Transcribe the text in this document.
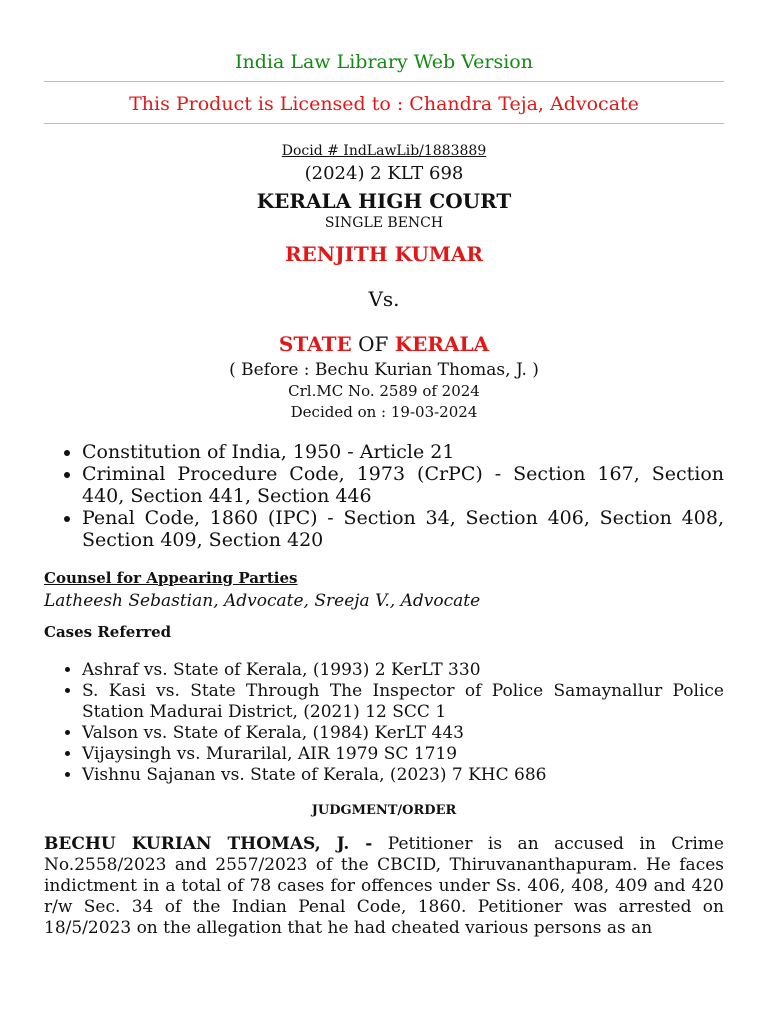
India Law Library Web Version
This Product is Licensed to : Chandra Teja, Advocate
Docid # IndLawLib/1883889
(2024) 2 KLT 698
KERALA HIGH COURT
SINGLE BENCH
RENJITH KUMAR
Vs.
STATE OF KERALA
( Before : Bechu Kurian Thomas, J. )
Crl.MC No. 2589 of 2024
Decided on : 19-03-2024
• Constitution of India, 1950 - Article 21
• Criminal Procedure Code, 1973 (CrPC) - Section 167, Section 440, Section 441, Section 446
• Penal Code, 1860 (IPC) - Section 34, Section 406, Section 408, Section 409, Section 420
Counsel for Appearing Parties
Latheesh Sebastian, Advocate, Sreeja V., Advocate
Cases Referred
• Ashraf vs. State of Kerala, (1993) 2 KerLT 330
• S. Kasi vs. State Through The Inspector of Police Samaynallur Police Station Madurai District, (2021) 12 SCC 1
• Valson vs. State of Kerala, (1984) KerLT 443
• Vijaysingh vs. Murarilal, AIR 1979 SC 1719
• Vishnu Sajanan vs. State of Kerala, (2023) 7 KHC 686
JUDGMENT/ORDER
BECHU KURIAN THOMAS, J. - Petitioner is an accused in Crime No.2558/2023 and 2557/2023 of the CBCID, Thiruvananthapuram. He faces indictment in a total of 78 cases for offences under Ss. 406, 408, 409 and 420 r/w Sec. 34 of the Indian Penal Code, 1860. Petitioner was arrested on 18/5/2023 on the allegation that he had cheated various persons as an
